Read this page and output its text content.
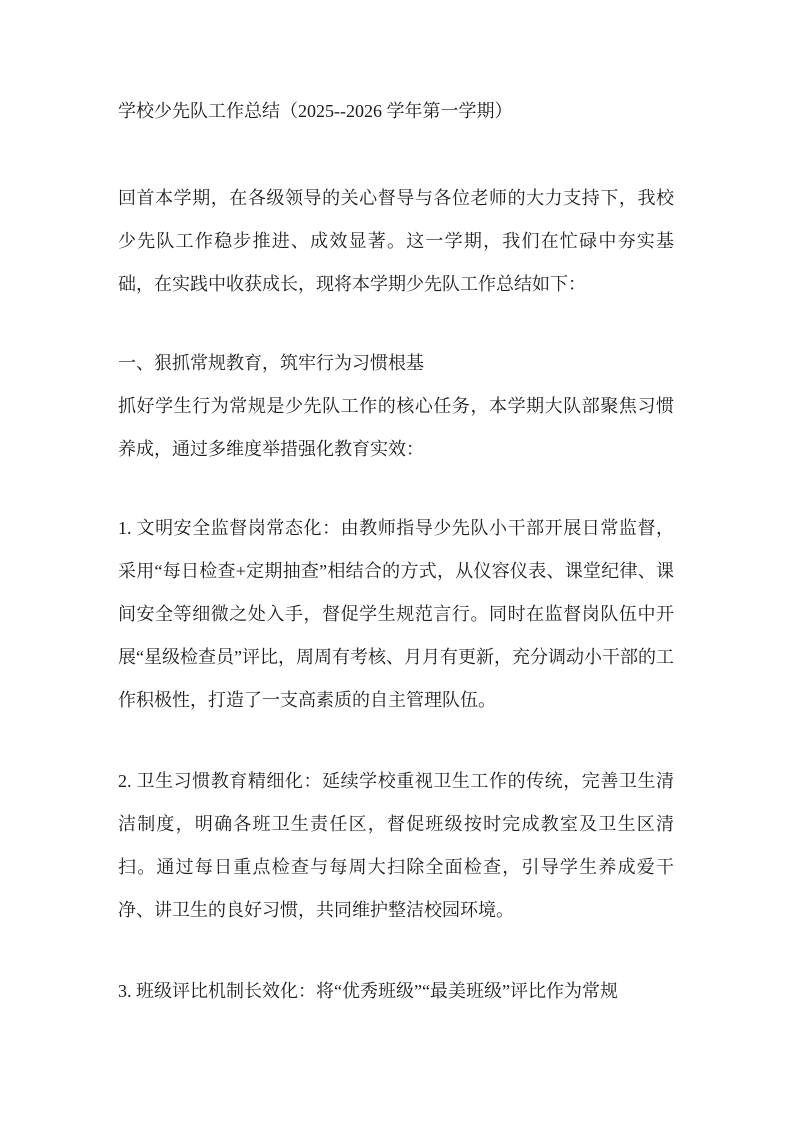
学校少先队工作总结（2025--2026 学年第一学期）

回首本学期，在各级领导的关心督导与各位老师的大力支持下，我校少先队工作稳步推进、成效显著。这一学期，我们在忙碌中夯实基础，在实践中收获成长，现将本学期少先队工作总结如下：

一、狠抓常规教育，筑牢行为习惯根基

抓好学生行为常规是少先队工作的核心任务，本学期大队部聚焦习惯养成，通过多维度举措强化教育实效：

1. 文明安全监督岗常态化：由教师指导少先队小干部开展日常监督，采用“每日检查+定期抽查”相结合的方式，从仪容仪表、课堂纪律、课间安全等细微之处入手，督促学生规范言行。同时在监督岗队伍中开展“星级检查员”评比，周周有考核、月月有更新，充分调动小干部的工作积极性，打造了一支高素质的自主管理队伍。

2. 卫生习惯教育精细化：延续学校重视卫生工作的传统，完善卫生清洁制度，明确各班卫生责任区，督促班级按时完成教室及卫生区清扫。通过每日重点检查与每周大扫除全面检查，引导学生养成爱干净、讲卫生的良好习惯，共同维护整洁校园环境。

3. 班级评比机制长效化：将“优秀班级”“最美班级”评比作为常规
